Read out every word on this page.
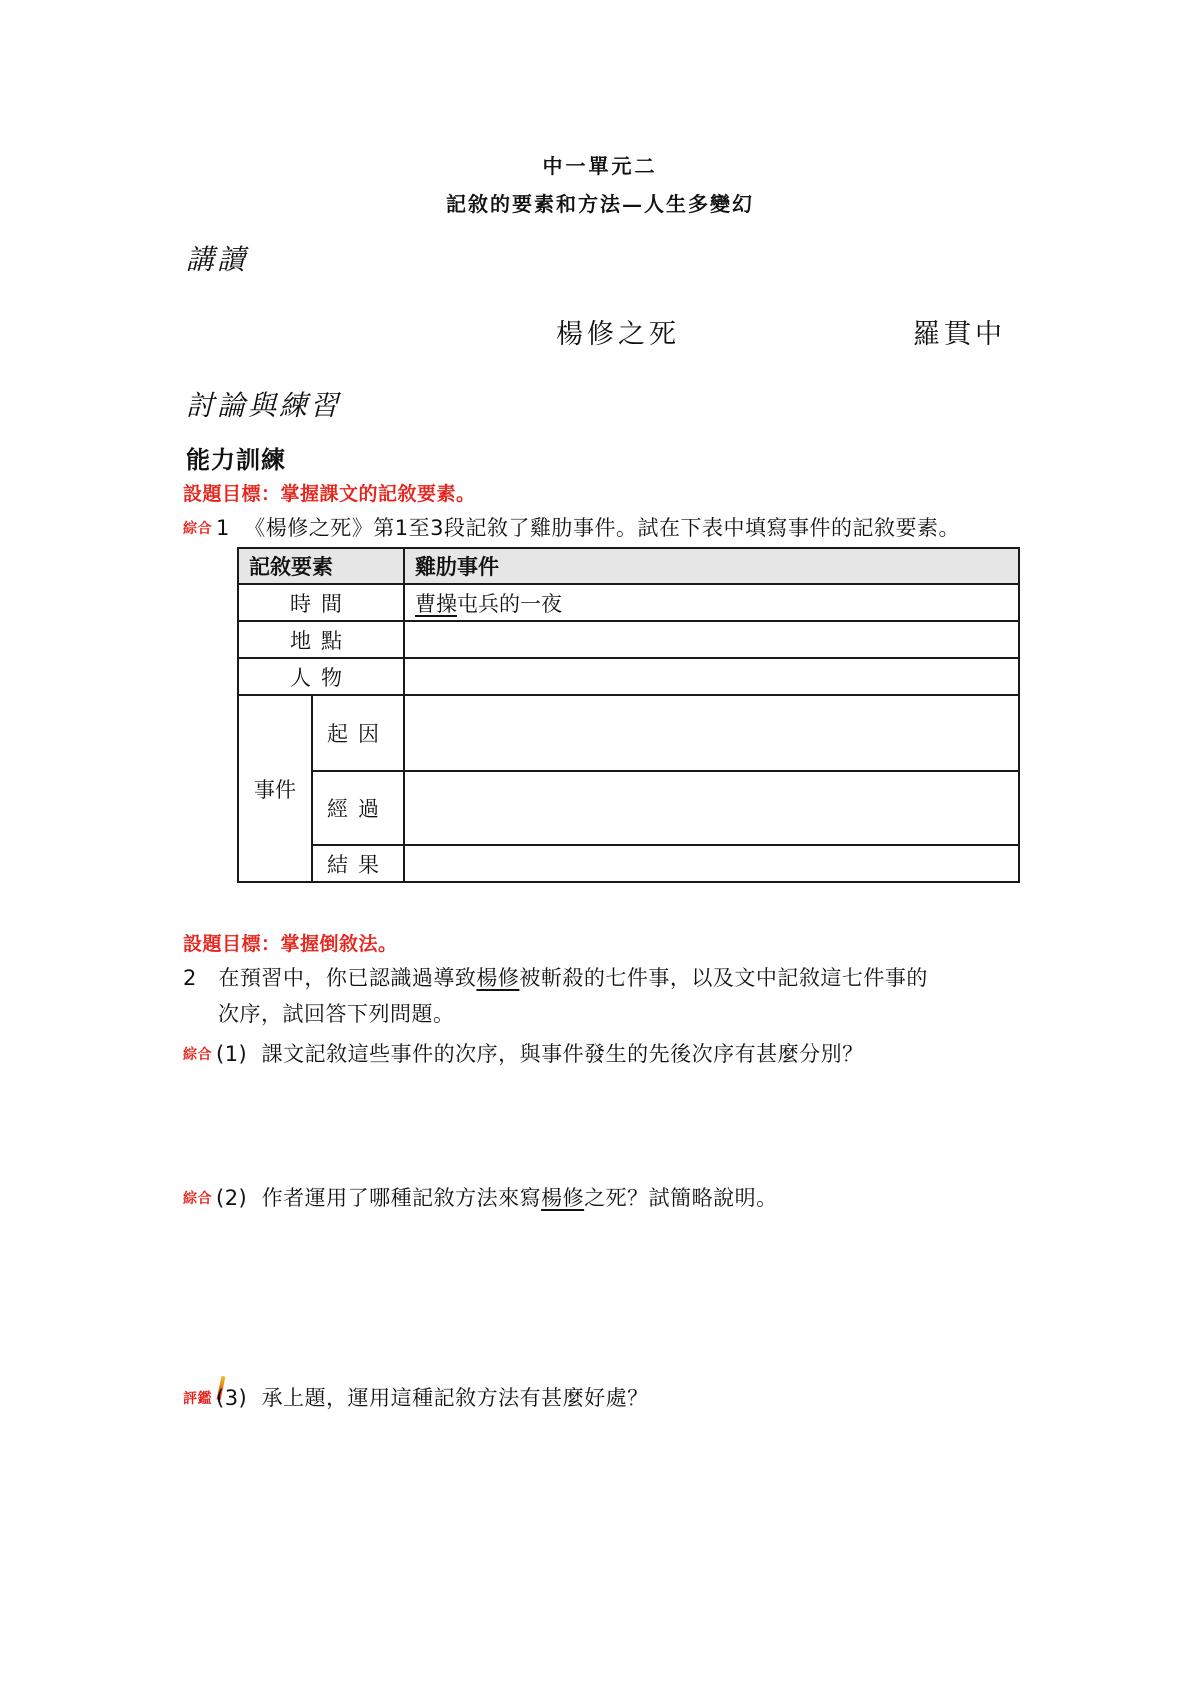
中一單元二
記敘的要素和方法—人生多變幻
講讀
楊修之死	羅貫中
討論與練習
能力訓練
設題目標：掌握課文的記敘要素。
綜合 1 《楊修之死》第1至3段記敘了雞肋事件。試在下表中填寫事件的記敘要素。
記敘要素		雞肋事件
時間		曹操屯兵的一夜
地點		
人物		
事件	起因	
	經過	
	結果	
設題目標：掌握倒敘法。
2 在預習中，你已認識過導致楊修被斬殺的七件事，以及文中記敘這七件事的
次序，試回答下列問題。
綜合 (1) 課文記敘這些事件的次序，與事件發生的先後次序有甚麼分別？
綜合 (2) 作者運用了哪種記敘方法來寫楊修之死？試簡略說明。
評鑑 (3) 承上題，運用這種記敘方法有甚麼好處？
